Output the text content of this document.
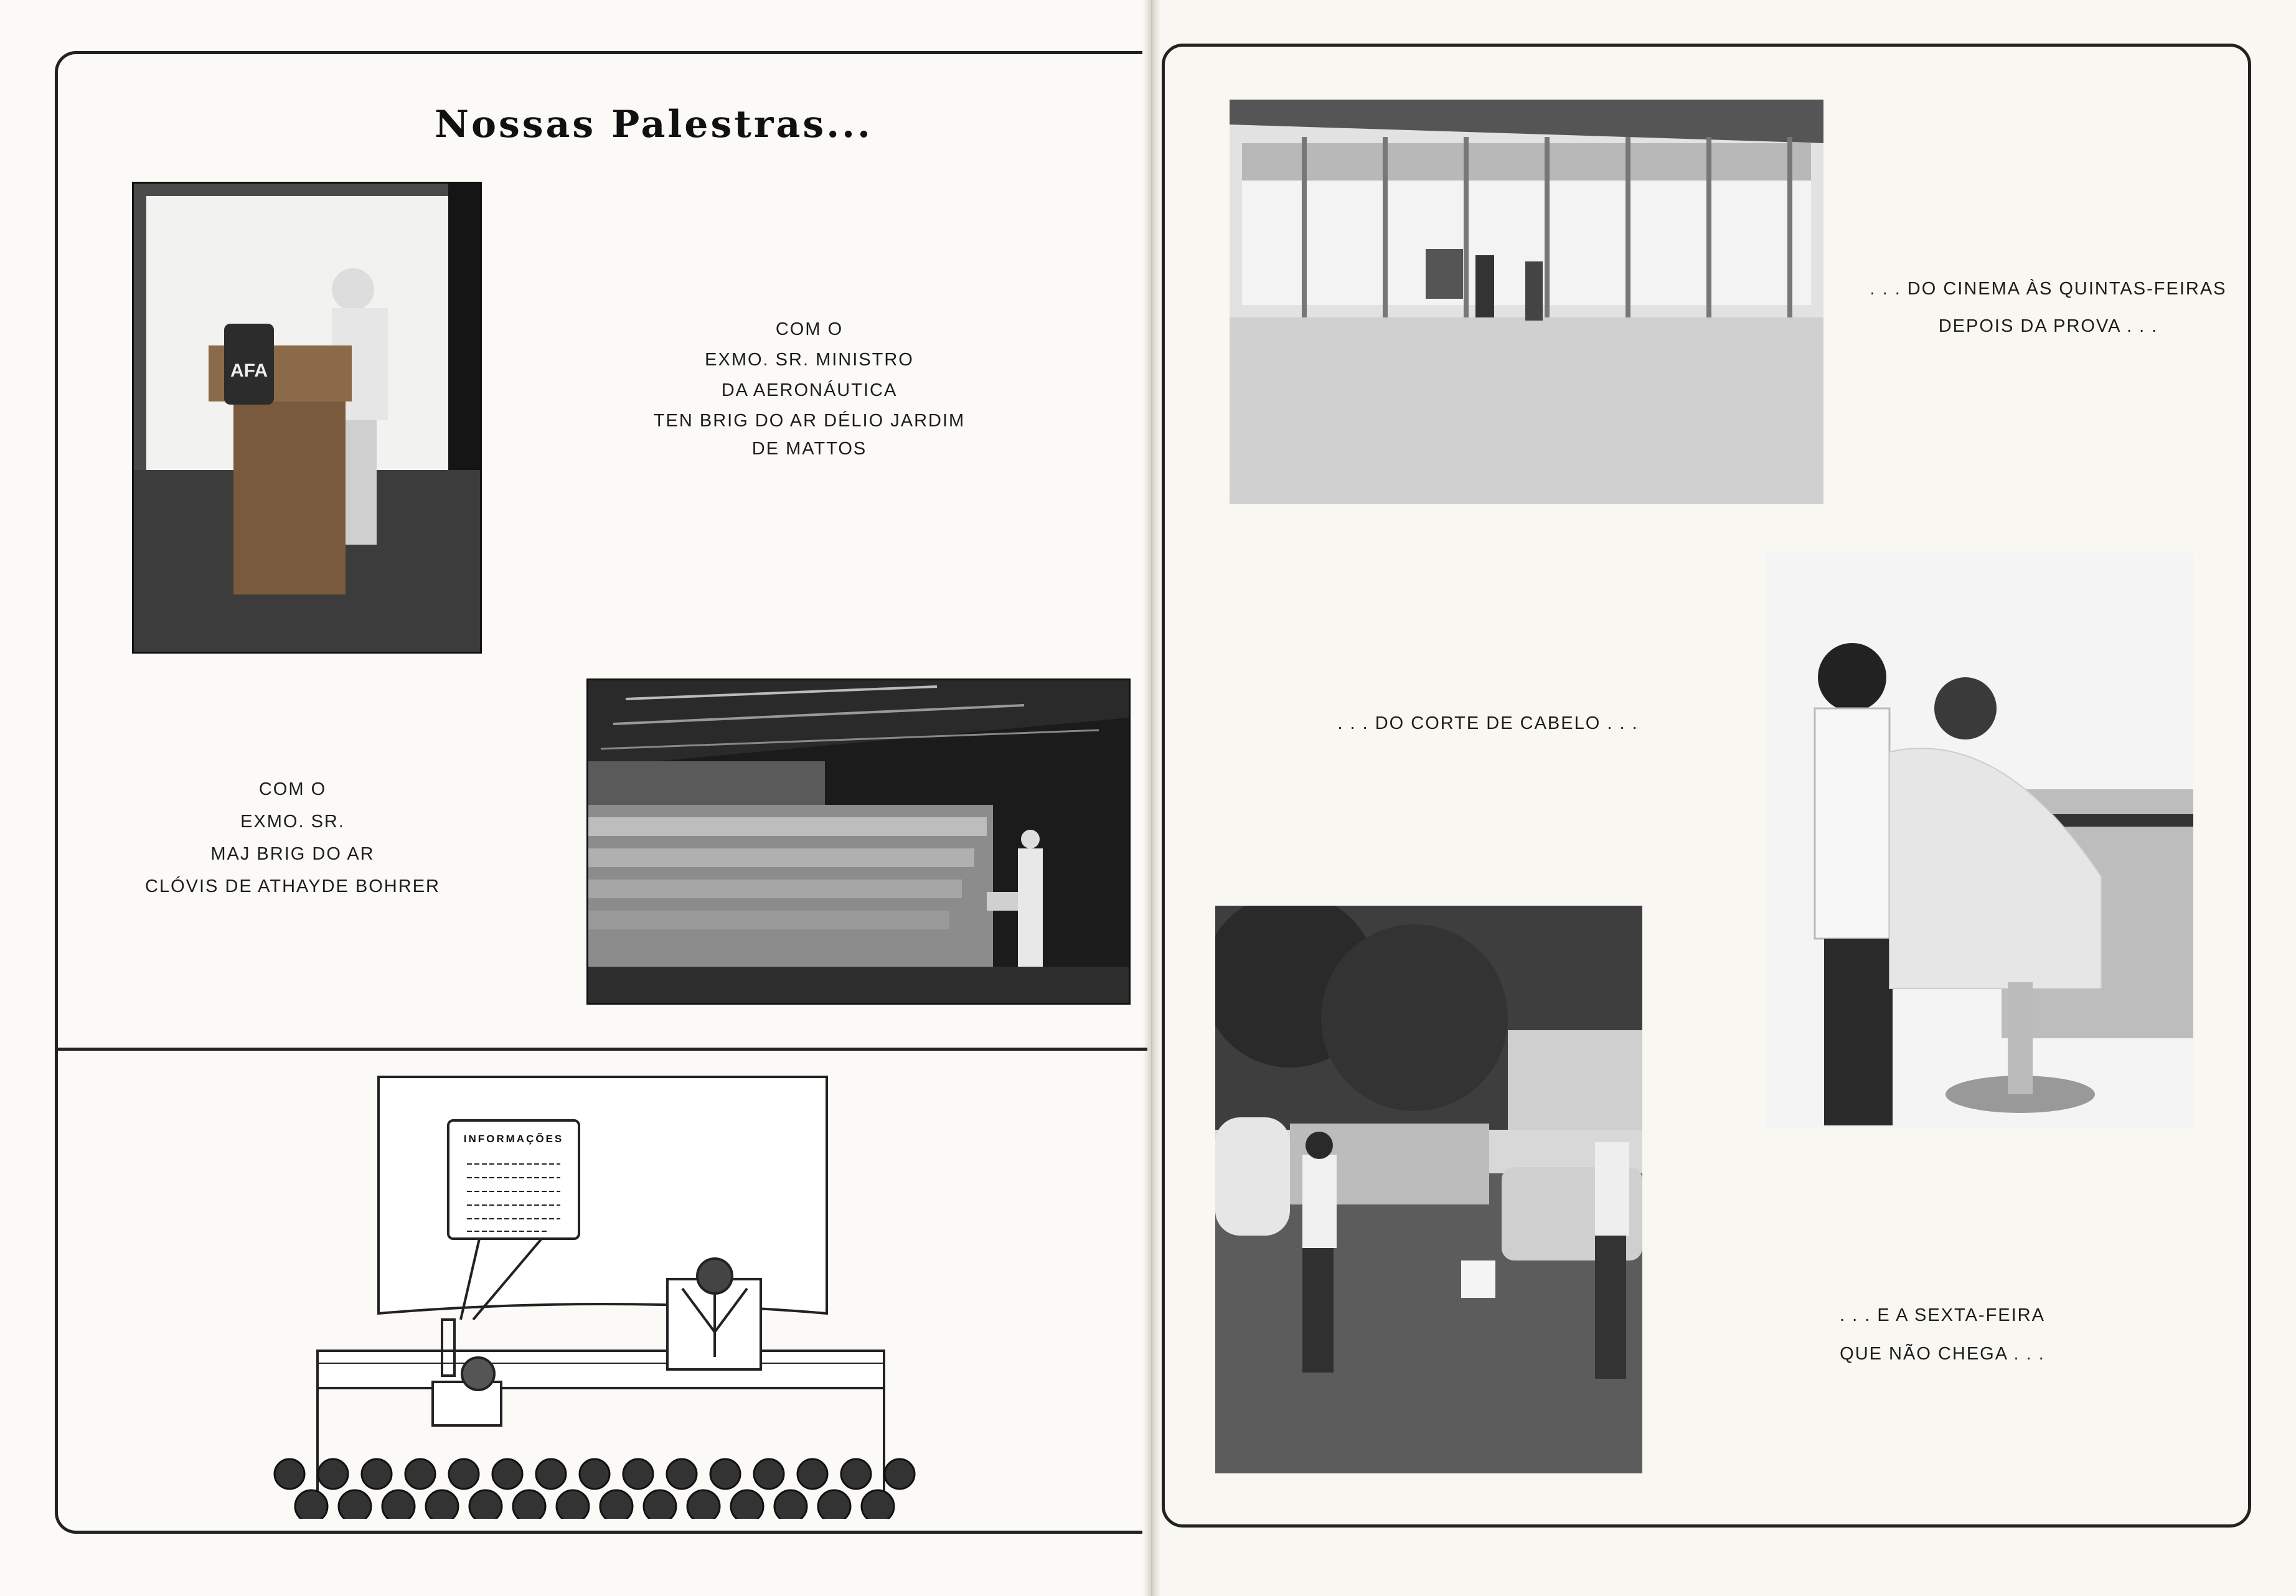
Nossas Palestras...
AFA
COM O
EXMO. SR. MINISTRO
DA AERONÁUTICA
TEN BRIG DO AR DÉLIO JARDIM
DE MATTOS
COM O
EXMO. SR.
MAJ BRIG DO AR
CLÓVIS DE ATHAYDE BOHRER
INFORMAÇÕES
. . . DO CINEMA ÀS QUINTAS-FEIRAS
DEPOIS DA PROVA . . .
. . . DO CORTE DE CABELO . . .
. . . E A SEXTA-FEIRA
QUE NÃO CHEGA . . .
